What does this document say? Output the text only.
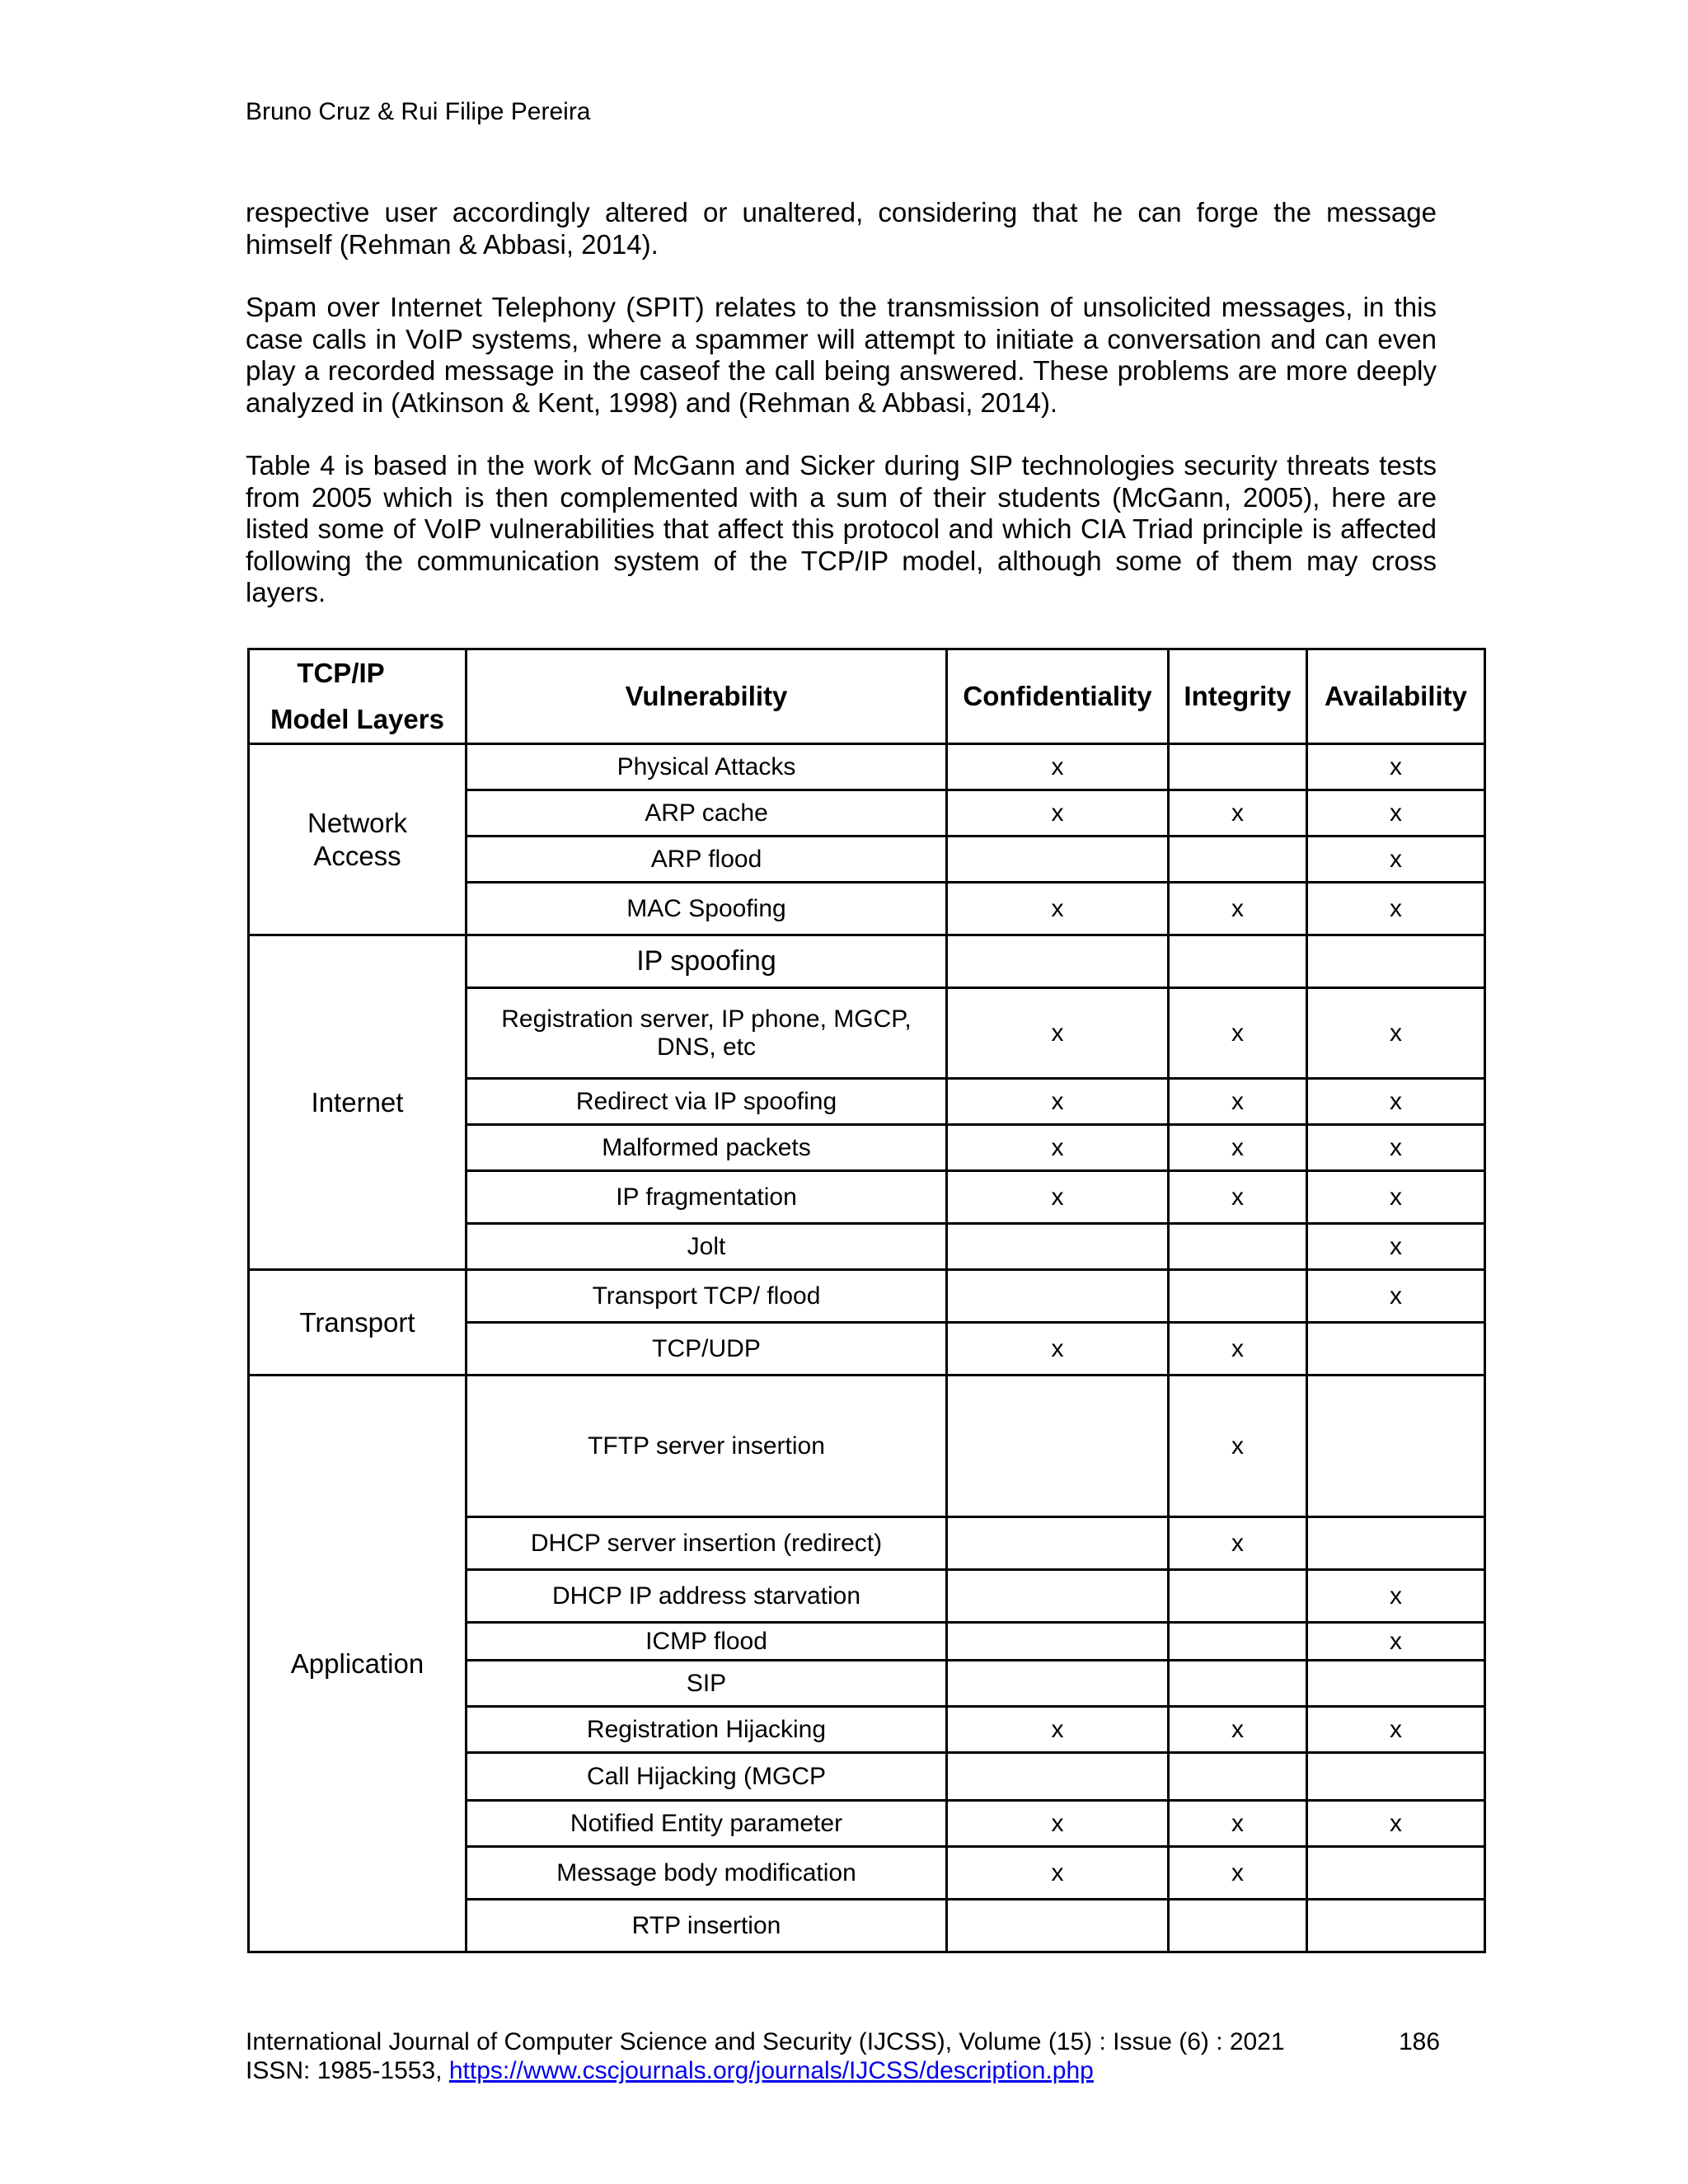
Bruno Cruz & Rui Filipe Pereira

respective user accordingly altered or unaltered, considering that he can forge the message himself (Rehman & Abbasi, 2014).

Spam over Internet Telephony (SPIT) relates to the transmission of unsolicited messages, in this case calls in VoIP systems, where a spammer will attempt to initiate a conversation and can even play a recorded message in the caseof the call being answered. These problems are more deeply analyzed in (Atkinson & Kent, 1998) and (Rehman & Abbasi, 2014).

Table 4 is based in the work of McGann and Sicker during SIP technologies security threats tests from 2005 which is then complemented with a sum of their students (McGann, 2005), here are listed some of VoIP vulnerabilities that affect this protocol and which CIA Triad principle is affected following the communication system of the TCP/IP model, although some of them may cross layers.

TCP/IP
Model Layers	Vulnerability	Confidentiality	Integrity	Availability

Network
Access	Physical Attacks	x		x
	ARP cache	x	x	x
	ARP flood			x
	MAC Spoofing	x	x	x
Internet	IP spoofing			

	Registration server, IP phone, MGCP,
DNS, etc	x	x	x
	Redirect via IP spoofing	x	x	x
	Malformed packets	x	x	x
	IP fragmentation	x	x	x
	Jolt			x
Transport	Transport TCP/ flood			x
	TCP/UDP	x	x	
Application	TFTP server insertion		x	
	DHCP server insertion (redirect)		x	
	DHCP IP address starvation			x
	ICMP flood			x
	SIP			
	Registration Hijacking	x	x	x
	Call Hijacking (MGCP			
	Notified Entity parameter	x	x	x
	Message body modification	x	x	
	RTP insertion			
International Journal of Computer Science and Security (IJCSS), Volume (15) : Issue (6) : 2021	186
ISSN: 1985-1553, https://www.cscjournals.org/journals/IJCSS/description.php
